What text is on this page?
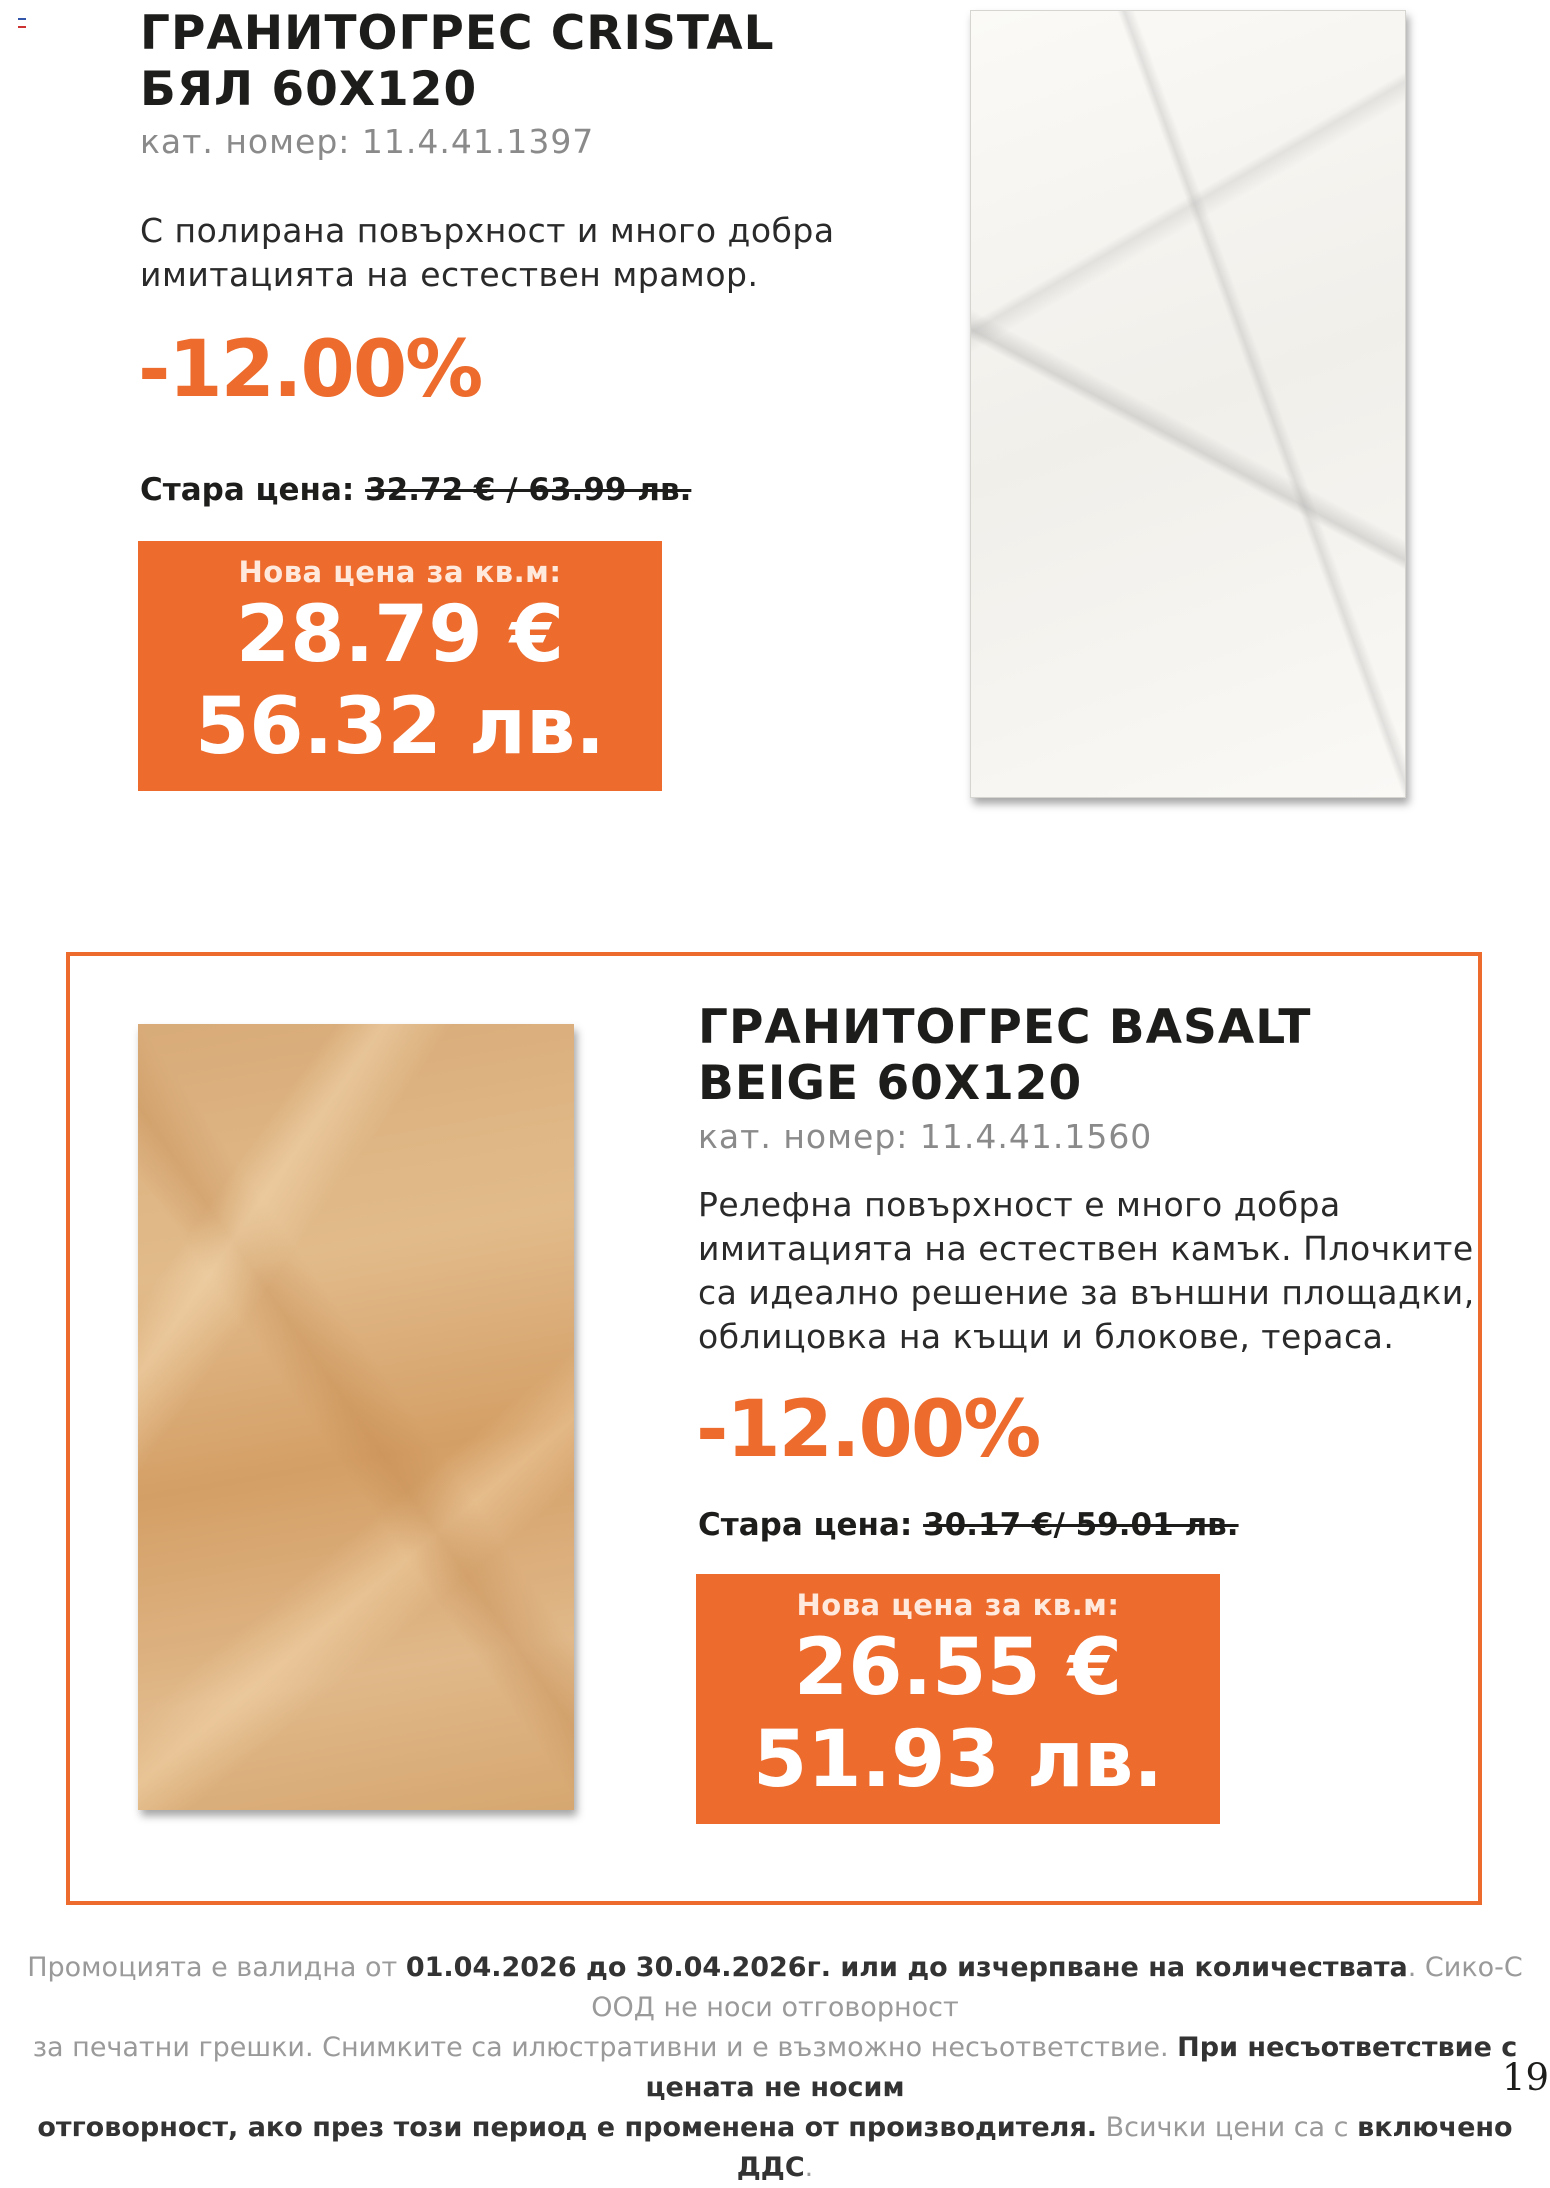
ГРАНИТОГРЕС CRISTAL
БЯЛ 60X120
кат. номер: 11.4.41.1397
С полирана повърхност и много добра
имитацията на естествен мрамор.
-12.00%
Стара цена: 32.72 € / 63.99 лв.
Нова цена за кв.м:
28.79 €
56.32 лв.
ГРАНИТОГРЕС BASALT
BEIGE 60X120
кат. номер: 11.4.41.1560
Релефна повърхност е много добра
имитацията на естествен камък. Плочките
са идеално решение за външни площадки,
облицовка на къщи и блокове, тераса.
-12.00%
Стара цена: 30.17 €/ 59.01 лв.
Нова цена за кв.м:
26.55 €
51.93 лв.
Промоцията е валидна от 01.04.2026 до 30.04.2026г. или до изчерпване на количествата. Сико-С ООД не носи отговорност
за печатни грешки. Снимките са илюстративни и е възможно несъответствие. При несъответствие с цената не носим
отговорност, ако през този период е променена от производителя. Всички цени са с включено ДДС.
19
